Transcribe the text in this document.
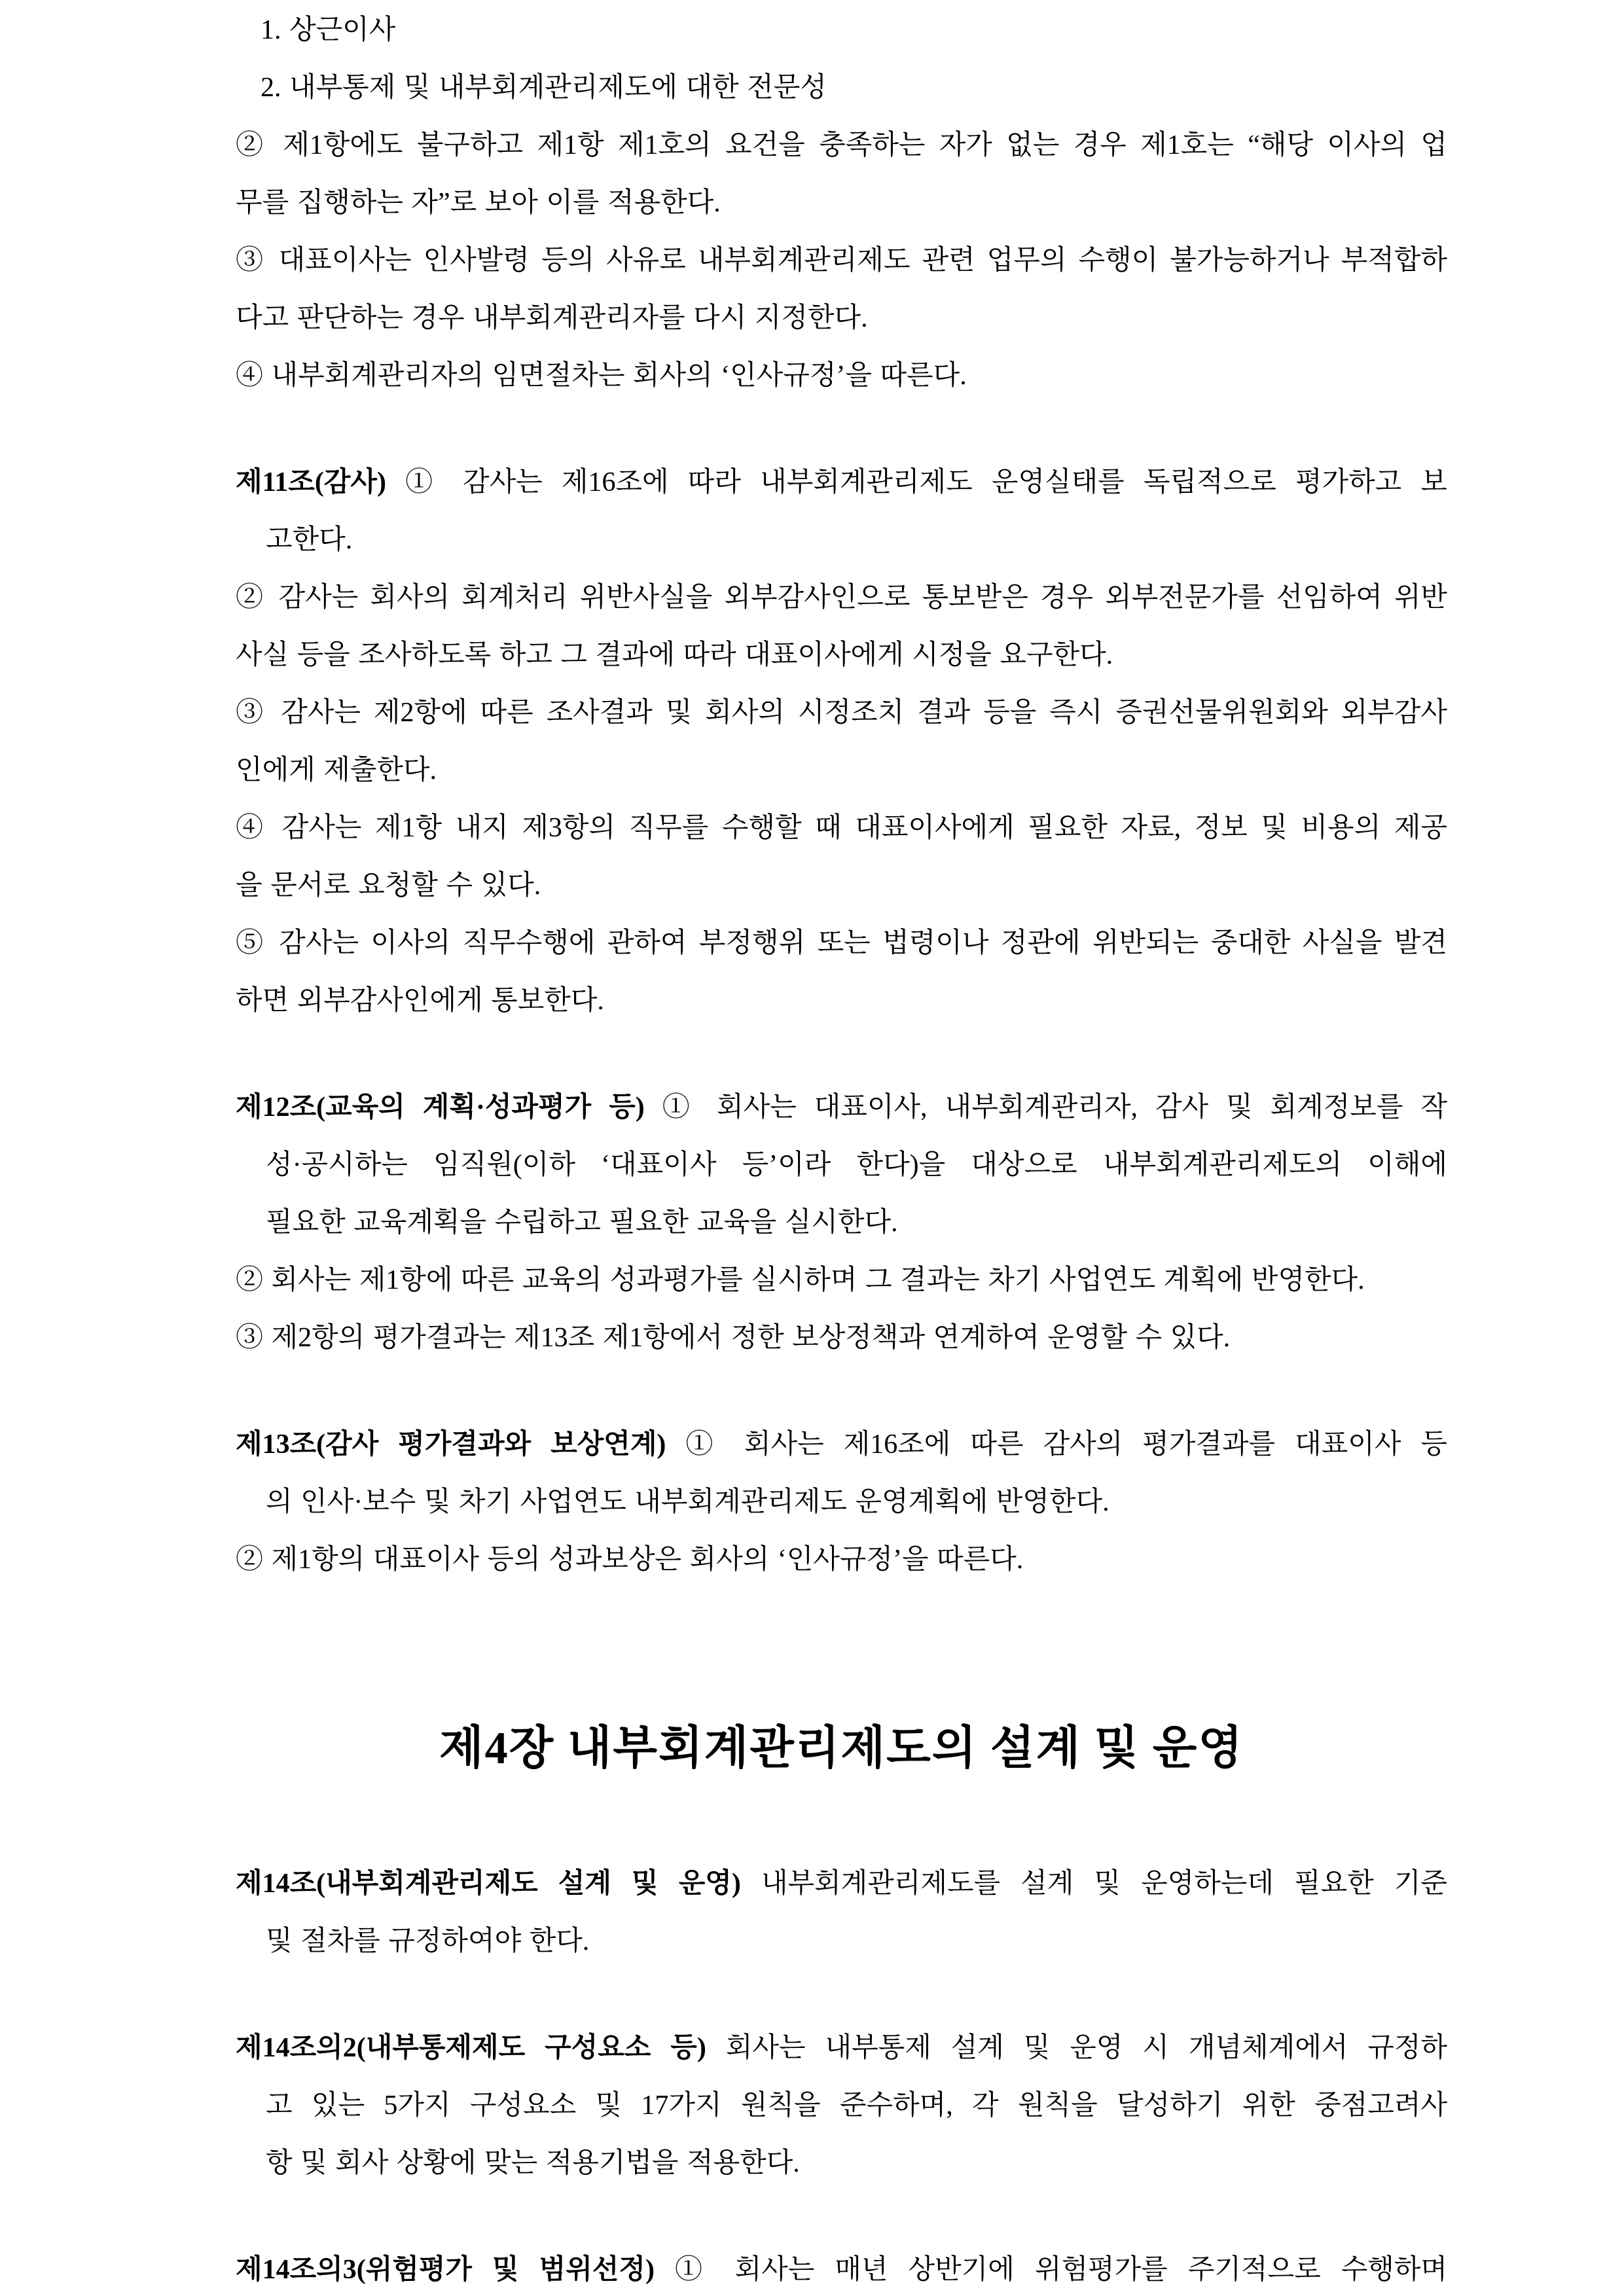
1. 상근이사
2. 내부통제 및 내부회계관리제도에 대한 전문성
② 제1항에도 불구하고 제1항 제1호의 요건을 충족하는 자가 없는 경우 제1호는 “해당 이사의 업
무를 집행하는 자”로 보아 이를 적용한다.
③ 대표이사는 인사발령 등의 사유로 내부회계관리제도 관련 업무의 수행이 불가능하거나 부적합하
다고 판단하는 경우 내부회계관리자를 다시 지정한다.
④ 내부회계관리자의 임면절차는 회사의 ‘인사규정’을 따른다.
제11조(감사) ① 감사는 제16조에 따라 내부회계관리제도 운영실태를 독립적으로 평가하고 보
고한다.
② 감사는 회사의 회계처리 위반사실을 외부감사인으로 통보받은 경우 외부전문가를 선임하여 위반
사실 등을 조사하도록 하고 그 결과에 따라 대표이사에게 시정을 요구한다.
③ 감사는 제2항에 따른 조사결과 및 회사의 시정조치 결과 등을 즉시 증권선물위원회와 외부감사
인에게 제출한다.
④ 감사는 제1항 내지 제3항의 직무를 수행할 때 대표이사에게 필요한 자료, 정보 및 비용의 제공
을 문서로 요청할 수 있다.
⑤ 감사는 이사의 직무수행에 관하여 부정행위 또는 법령이나 정관에 위반되는 중대한 사실을 발견
하면 외부감사인에게 통보한다.
제12조(교육의 계획·성과평가 등) ① 회사는 대표이사, 내부회계관리자, 감사 및 회계정보를 작
성·공시하는 임직원(이하 ‘대표이사 등’이라 한다)을 대상으로 내부회계관리제도의 이해에
필요한 교육계획을 수립하고 필요한 교육을 실시한다.
② 회사는 제1항에 따른 교육의 성과평가를 실시하며 그 결과는 차기 사업연도 계획에 반영한다.
③ 제2항의 평가결과는 제13조 제1항에서 정한 보상정책과 연계하여 운영할 수 있다.
제13조(감사 평가결과와 보상연계) ① 회사는 제16조에 따른 감사의 평가결과를 대표이사 등
의 인사·보수 및 차기 사업연도 내부회계관리제도 운영계획에 반영한다.
② 제1항의 대표이사 등의 성과보상은 회사의 ‘인사규정’을 따른다.
제4장 내부회계관리제도의 설계 및 운영
제14조(내부회계관리제도 설계 및 운영) 내부회계관리제도를 설계 및 운영하는데 필요한 기준
및 절차를 규정하여야 한다.
제14조의2(내부통제제도 구성요소 등) 회사는 내부통제 설계 및 운영 시 개념체계에서 규정하
고 있는 5가지 구성요소 및 17가지 원칙을 준수하며, 각 원칙을 달성하기 위한 중점고려사
항 및 회사 상황에 맞는 적용기법을 적용한다.
제14조의3(위험평가 및 범위선정) ① 회사는 매년 상반기에 위험평가를 주기적으로 수행하며
